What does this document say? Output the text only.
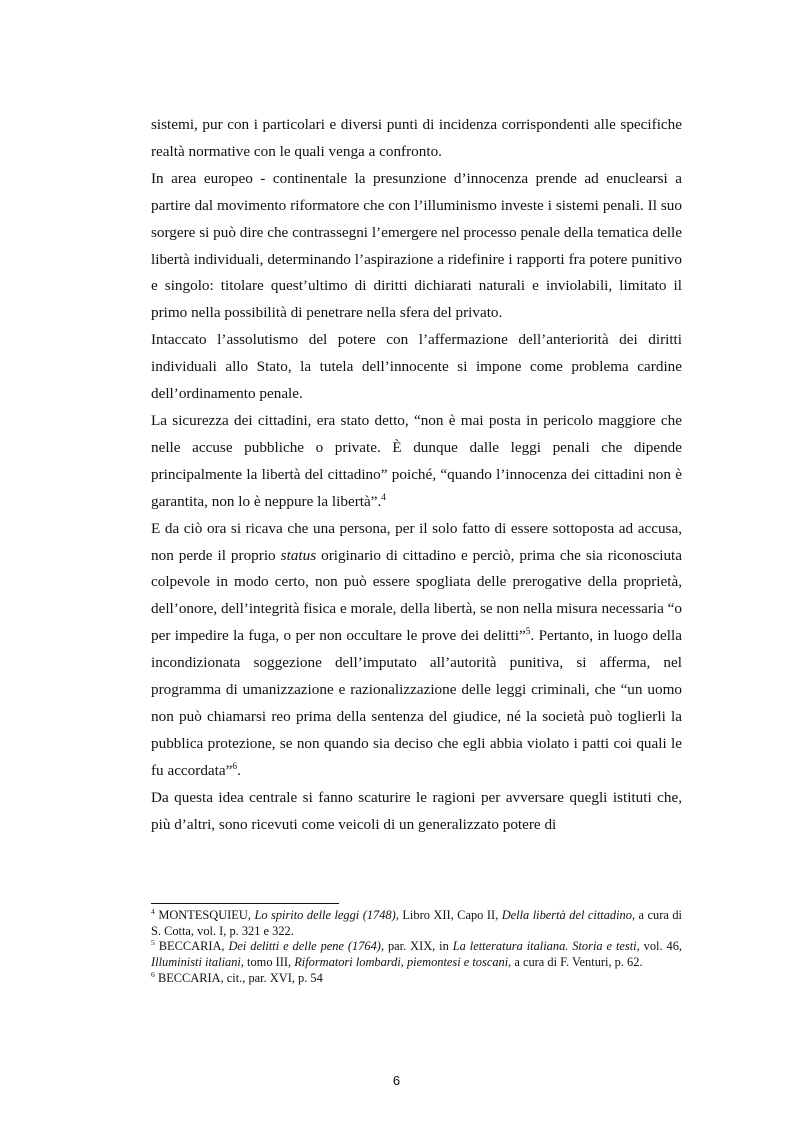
sistemi, pur con i particolari e diversi punti di incidenza corrispondenti alle specifiche realtà normative con le quali venga a confronto.

In area europeo - continentale la presunzione d’innocenza prende ad enuclearsi a partire dal movimento riformatore che con l’illuminismo investe i sistemi penali. Il suo sorgere si può dire che contrassegni l’emergere nel processo penale della tematica delle libertà individuali, determinando l’aspirazione a ridefinire i rapporti fra potere punitivo e singolo: titolare quest’ultimo di diritti dichiarati naturali e inviolabili, limitato il primo nella possibilità di penetrare nella sfera del privato.

Intaccato l’assolutismo del potere con l’affermazione dell’anteriorità dei diritti individuali allo Stato, la tutela dell’innocente si impone come problema cardine dell’ordinamento penale.

La sicurezza dei cittadini, era stato detto, “non è mai posta in pericolo maggiore che nelle accuse pubbliche o private. È dunque dalle leggi penali che dipende principalmente la libertà del cittadino” poiché, “quando l’innocenza dei cittadini non è garantita, non lo è neppure la libertà”.$^4$

E da ciò ora si ricava che una persona, per il solo fatto di essere sottoposta ad accusa, non perde il proprio status originario di cittadino e perciò, prima che sia riconosciuta colpevole in modo certo, non può essere spogliata delle prerogative della proprietà, dell’onore, dell’integrità fisica e morale, della libertà, se non nella misura necessaria “o per impedire la fuga, o per non occultare le prove dei delitti”$^5$. Pertanto, in luogo della incondizionata soggezione dell’imputato all’autorità punitiva, si afferma, nel programma di umanizzazione e razionalizzazione delle leggi criminali, che “un uomo non può chiamarsi reo prima della sentenza del giudice, né la società può toglierli la pubblica protezione, se non quando sia deciso che egli abbia violato i patti coi quali le fu accordata”$^6$.

Da questa idea centrale si fanno scaturire le ragioni per avversare quegli istituti che, più d’altri, sono ricevuti come veicoli di un generalizzato potere di

$^4$ MONTESQUIEU, Lo spirito delle leggi (1748), Libro XII, Capo II, Della libertà del cittadino, a cura di S. Cotta, vol. I, p. 321 e 322.

$^5$ BECCARIA, Dei delitti e delle pene (1764), par. XIX, in La letteratura italiana. Storia e testi, vol. 46, Illuministi italiani, tomo III, Riformatori lombardi, piemontesi e toscani, a cura di F. Venturi, p. 62.

$^6$ BECCARIA, cit., par. XVI, p. 54

6
